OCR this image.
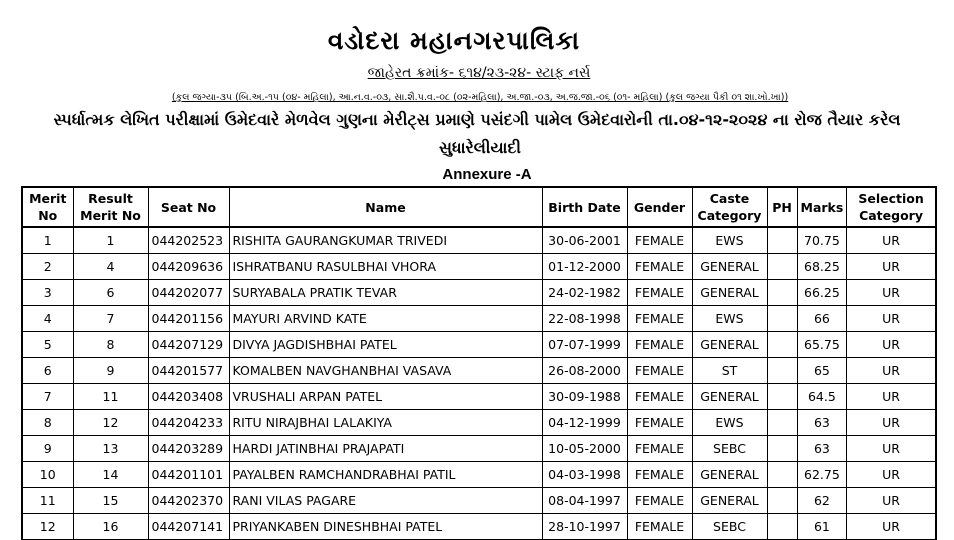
વડોદરા મહાનગરપાલિકા
જાહેરત ક્રમાંક- ૬૧૪/૨૩-૨૪- સ્ટાફ નર્સ
(કુલ જગ્યા-૩૫ (બિ.અ.-૧૫ (૦૪- મહિલા), આ.ન.વ.-૦૩, સા.શૈ.પ.વ.-૦૮ (૦૨-મહિલા), અ.જા.-૦૩, અ.જ.જા.-૦૬ (૦૧- મહિલા) (કુલ જગ્યા પૈકી ૦૧ શા.ખો.ખા))
સ્પર્ધાત્મક લેખિત પરીક્ષામાં ઉમેદવારે મેળવેલ ગુણના મેરીટ્સ પ્રમાણે પસંદગી પામેલ ઉમેદવારોની તા.૦૪-૧૨-૨૦૨૪ ના રોજ તૈયાર કરેલ
સુધારેલીયાદી
Annexure -A
Merit No	Result Merit No	Seat No	Name	Birth Date	Gender	Caste Category	PH	Marks	Selection Category
1	1	044202523	RISHITA GAURANGKUMAR TRIVEDI	30-06-2001	FEMALE	EWS		70.75	UR
2	4	044209636	ISHRATBANU RASULBHAI VHORA	01-12-2000	FEMALE	GENERAL		68.25	UR
3	6	044202077	SURYABALA PRATIK TEVAR	24-02-1982	FEMALE	GENERAL		66.25	UR
4	7	044201156	MAYURI ARVIND KATE	22-08-1998	FEMALE	EWS		66	UR
5	8	044207129	DIVYA JAGDISHBHAI PATEL	07-07-1999	FEMALE	GENERAL		65.75	UR
6	9	044201577	KOMALBEN NAVGHANBHAI VASAVA	26-08-2000	FEMALE	ST		65	UR
7	11	044203408	VRUSHALI ARPAN PATEL	30-09-1988	FEMALE	GENERAL		64.5	UR
8	12	044204233	RITU NIRAJBHAI LALAKIYA	04-12-1999	FEMALE	EWS		63	UR
9	13	044203289	HARDI JATINBHAI PRAJAPATI	10-05-2000	FEMALE	SEBC		63	UR
10	14	044201101	PAYALBEN RAMCHANDRABHAI PATIL	04-03-1998	FEMALE	GENERAL		62.75	UR
11	15	044202370	RANI VILAS PAGARE	08-04-1997	FEMALE	GENERAL		62	UR
12	16	044207141	PRIYANKABEN DINESHBHAI PATEL	28-10-1997	FEMALE	SEBC		61	UR
